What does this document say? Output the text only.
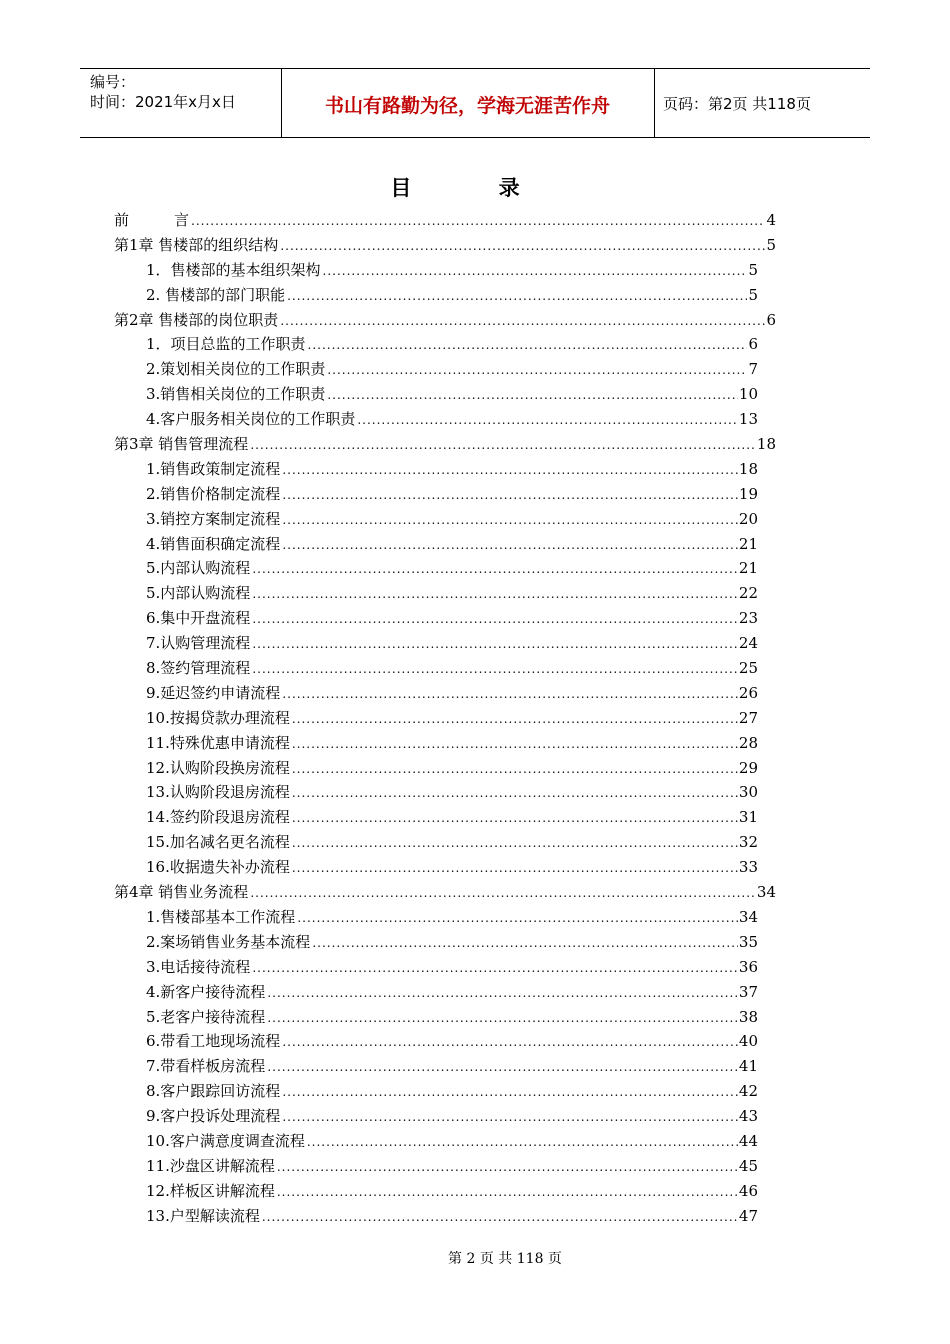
编号：
时间：2021年x月x日	书山有路勤为径，学海无涯苦作舟	页码：第2页 共118页
目 录
前　　　言 .....	4
第1章 售楼部的组织结构 .....	5
1．售楼部的基本组织架构 .....	5
2. 售楼部的部门职能 .....	5
第2章 售楼部的岗位职责 .....	6
1．项目总监的工作职责 .....	6
2.策划相关岗位的工作职责 .....	7
3.销售相关岗位的工作职责 .....	10
4.客户服务相关岗位的工作职责 .....	13
第3章 销售管理流程 .....	18
1.销售政策制定流程 .....	18
2.销售价格制定流程 .....	19
3.销控方案制定流程 .....	20
4.销售面积确定流程 .....	21
5.内部认购流程 .....	21
5.内部认购流程 .....	22
6.集中开盘流程 .....	23
7.认购管理流程 .....	24
8.签约管理流程 .....	25
9.延迟签约申请流程 .....	26
10.按揭贷款办理流程 .....	27
11.特殊优惠申请流程 .....	28
12.认购阶段换房流程 .....	29
13.认购阶段退房流程 .....	30
14.签约阶段退房流程 .....	31
15.加名减名更名流程 .....	32
16.收据遗失补办流程 .....	33
第4章 销售业务流程 .....	34
1.售楼部基本工作流程 .....	34
2.案场销售业务基本流程 .....	35
3.电话接待流程 .....	36
4.新客户接待流程 .....	37
5.老客户接待流程 .....	38
6.带看工地现场流程 .....	40
7.带看样板房流程 .....	41
8.客户跟踪回访流程 .....	42
9.客户投诉处理流程 .....	43
10.客户满意度调查流程 .....	44
11.沙盘区讲解流程 .....	45
12.样板区讲解流程 .....	46
13.户型解读流程 .....	47
第 2 页 共 118 页
